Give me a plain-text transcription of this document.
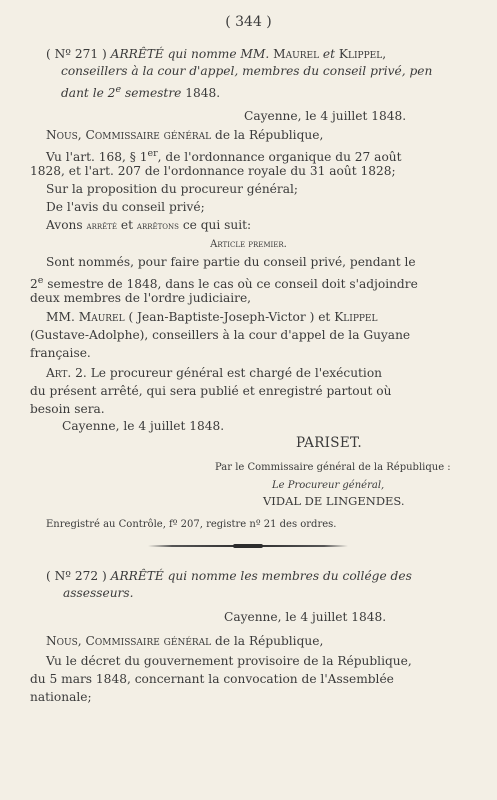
( 344 )
( Nº 271 ) ARRÊTÉ qui nomme MM. Maurel et Klippel,
conseillers à la cour d'appel, membres du conseil privé, pen
dant le 2e semestre 1848.
Cayenne, le 4 juillet 1848.
Nous, Commissaire général de la République,
Vu l'art. 168, § 1er, de l'ordonnance organique du 27 août
1828, et l'art. 207 de l'ordonnance royale du 31 août 1828;
Sur la proposition du procureur général;
De l'avis du conseil privé;
Avons arrêté et arrêtons ce qui suit:
Article premier.
Sont nommés, pour faire partie du conseil privé, pendant le
2e semestre de 1848, dans le cas où ce conseil doit s'adjoindre
deux membres de l'ordre judiciaire,
MM. Maurel ( Jean-Baptiste-Joseph-Victor ) et Klippel
(Gustave-Adolphe), conseillers à la cour d'appel de la Guyane
française.
Art. 2. Le procureur général est chargé de l'exécution
du présent arrêté, qui sera publié et enregistré partout où
besoin sera.
Cayenne, le 4 juillet 1848.
PARISET.
Par le Commissaire général de la République :
Le Procureur général,
VIDAL DE LINGENDES.
Enregistré au Contrôle, fº 207, registre nº 21 des ordres.
( Nº 272 ) ARRÊTÉ qui nomme les membres du collége des
assesseurs.
Cayenne, le 4 juillet 1848.
Nous, Commissaire général de la République,
Vu le décret du gouvernement provisoire de la République,
du 5 mars 1848, concernant la convocation de l'Assemblée
nationale;
